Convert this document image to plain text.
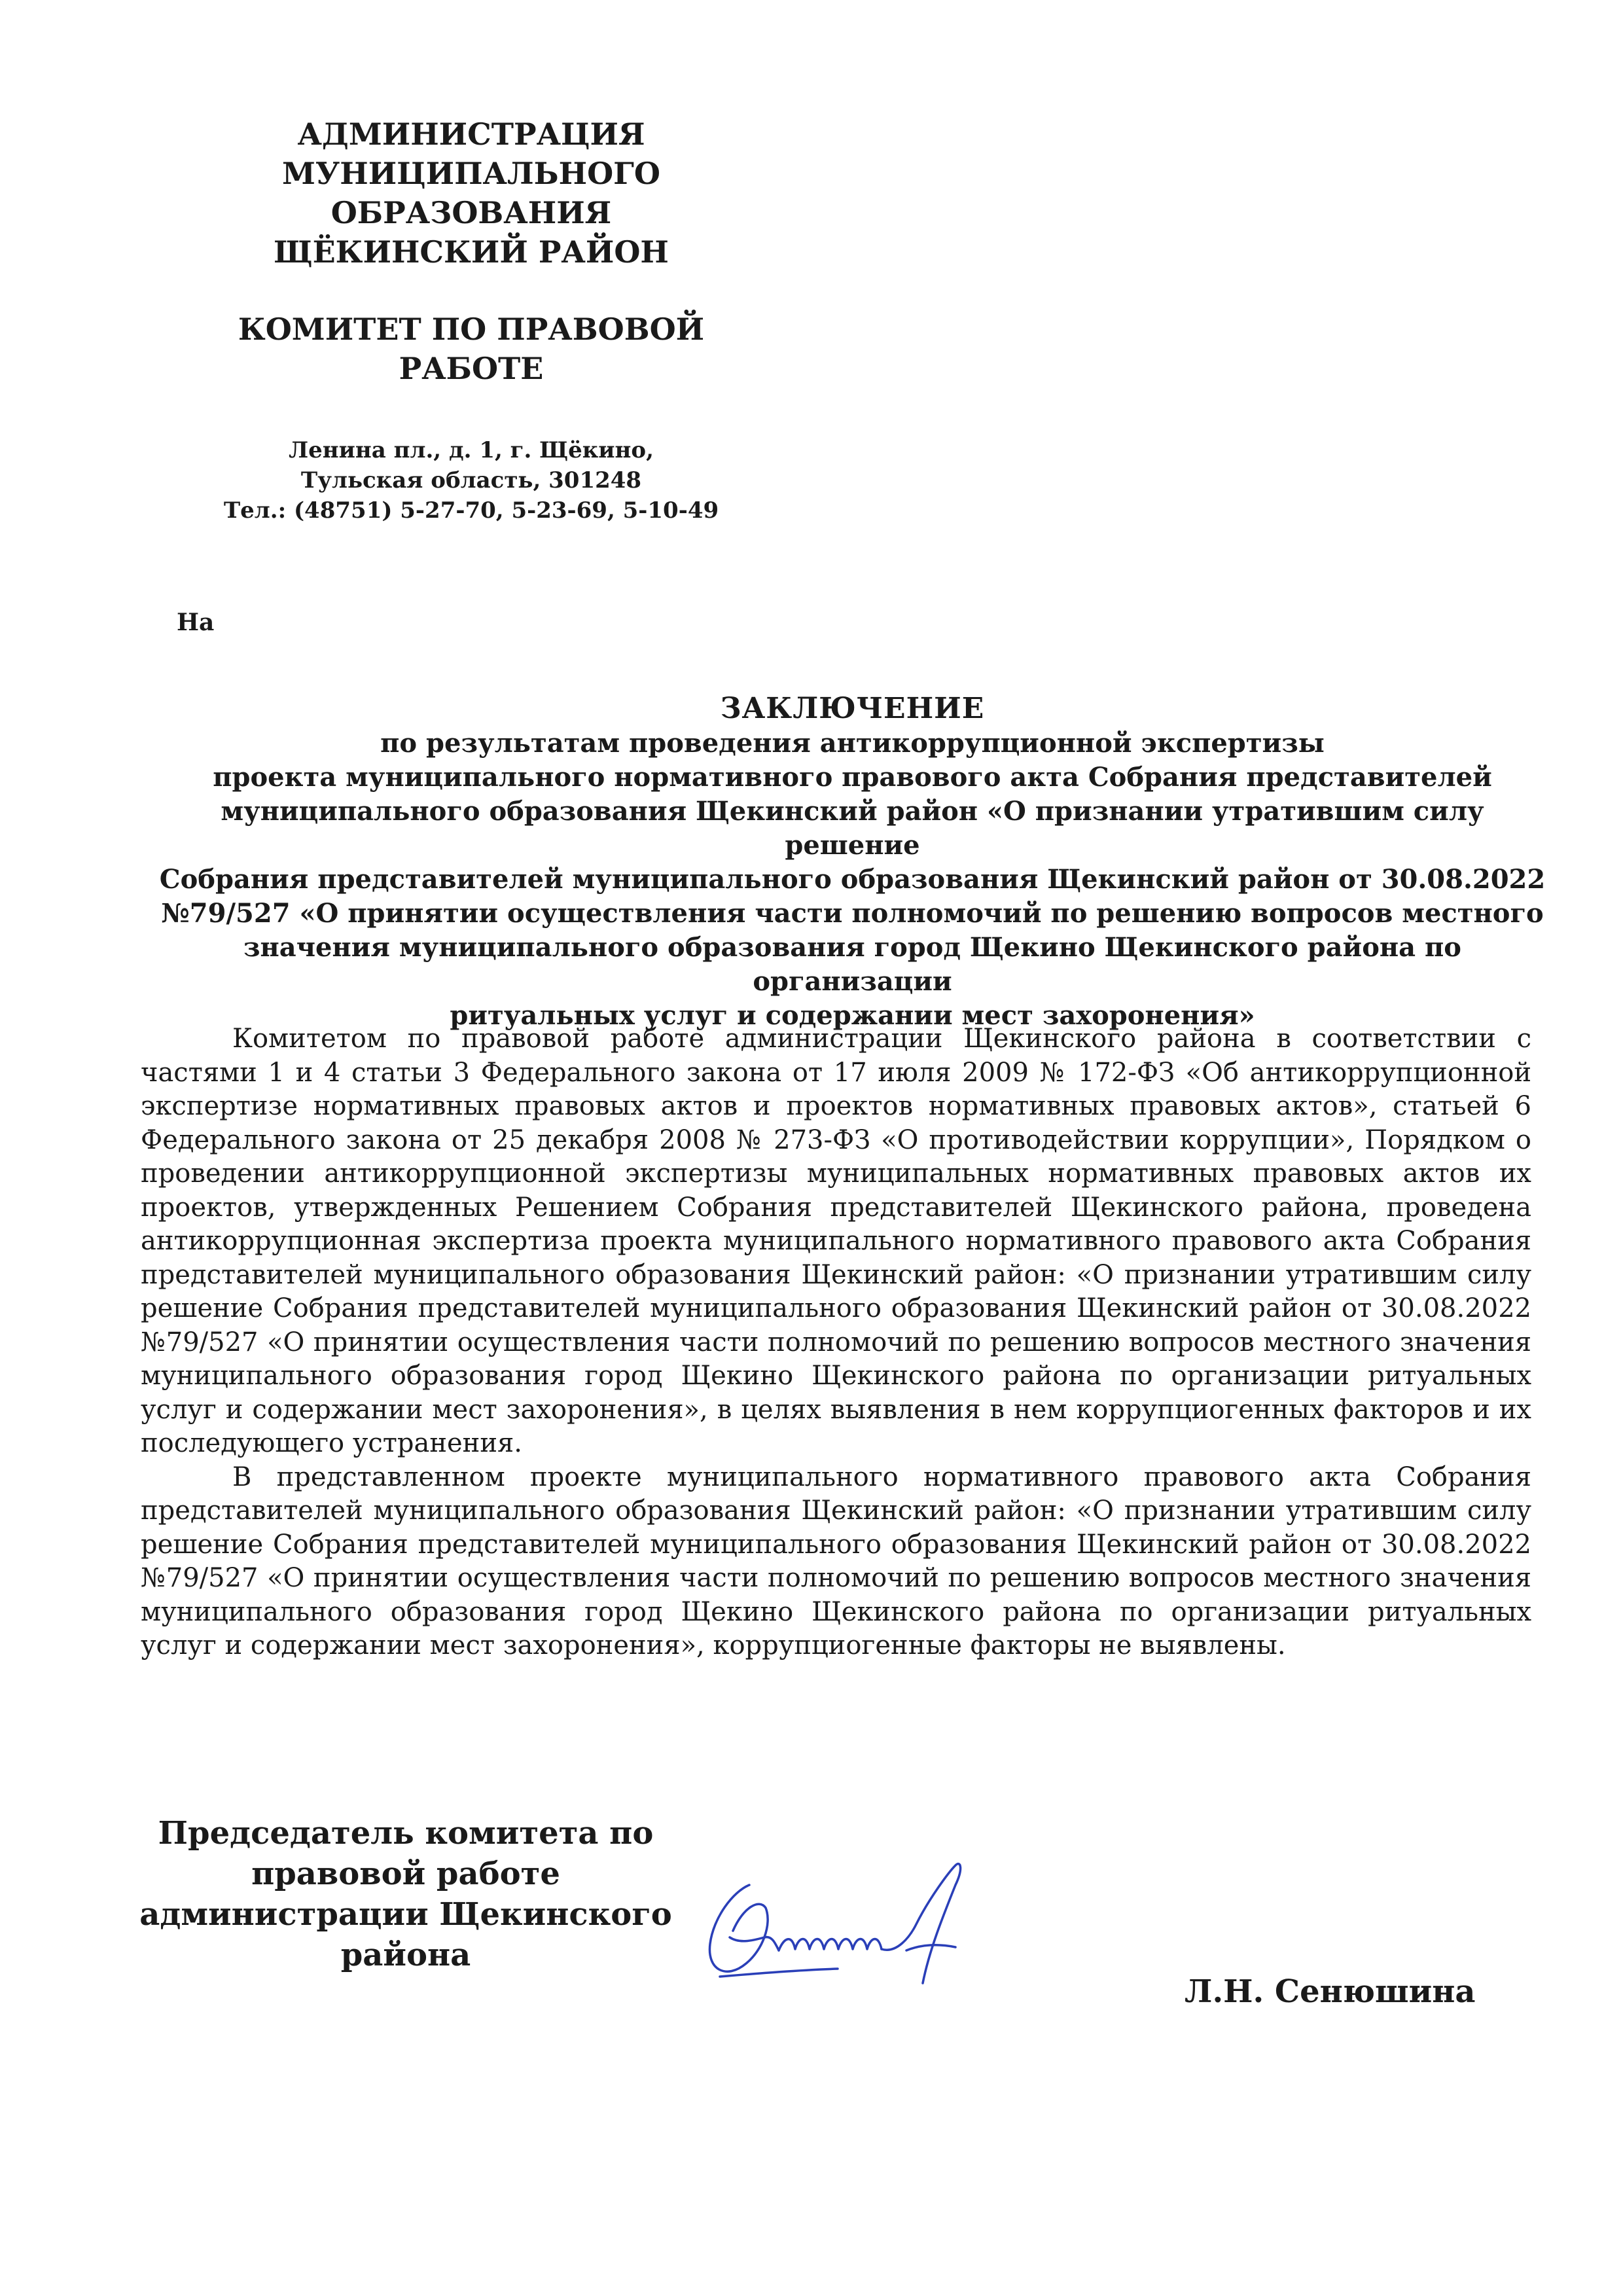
АДМИНИСТРАЦИЯ

МУНИЦИПАЛЬНОГО

ОБРАЗОВАНИЯ

ЩЁКИНСКИЙ РАЙОН

КОМИТЕТ ПО ПРАВОВОЙ

РАБОТЕ

Ленина пл., д. 1, г. Щёкино,

Тульская область, 301248

Тел.: (48751) 5-27-70, 5-23-69, 5-10-49

На

ЗАКЛЮЧЕНИЕ

по результатам проведения антикоррупционной экспертизы

проекта муниципального нормативного правового акта Собрания представителей

муниципального образования Щекинский район «О признании утратившим силу решение

Собрания представителей муниципального образования Щекинский район от 30.08.2022

№79/527 «О принятии осуществления части полномочий по решению вопросов местного

значения муниципального образования город Щекино Щекинского района по организации

ритуальных услуг и содержании мест захоронения»

Комитетом по правовой работе администрации Щекинского района в соответствии с частями 1 и 4 статьи 3 Федерального закона от 17 июля 2009 № 172-ФЗ «Об антикоррупционной экспертизе нормативных правовых актов и проектов нормативных правовых актов», статьей 6 Федерального закона от 25 декабря 2008 № 273-ФЗ «О противодействии коррупции», Порядком о проведении антикоррупционной экспертизы муниципальных нормативных правовых актов их проектов, утвержденных Решением Собрания представителей Щекинского района, проведена антикоррупционная экспертиза проекта муниципального нормативного правового акта Собрания представителей муниципального образования Щекинский район: «О признании утратившим силу решение Собрания представителей муниципального образования Щекинский район от 30.08.2022 №79/527 «О принятии осуществления части полномочий по решению вопросов местного значения муниципального образования город Щекино Щекинского района по организации ритуальных услуг и содержании мест захоронения», в целях выявления в нем коррупциогенных факторов и их последующего устранения.

В представленном проекте муниципального нормативного правового акта Собрания представителей муниципального образования Щекинский район: «О признании утратившим силу решение Собрания представителей муниципального образования Щекинский район от 30.08.2022 №79/527 «О принятии осуществления части полномочий по решению вопросов местного значения муниципального образования город Щекино Щекинского района по организации ритуальных услуг и содержании мест захоронения», коррупциогенные факторы не выявлены.

Председатель комитета по

правовой работе

администрации Щекинского

района

Л.Н. Сенюшина
